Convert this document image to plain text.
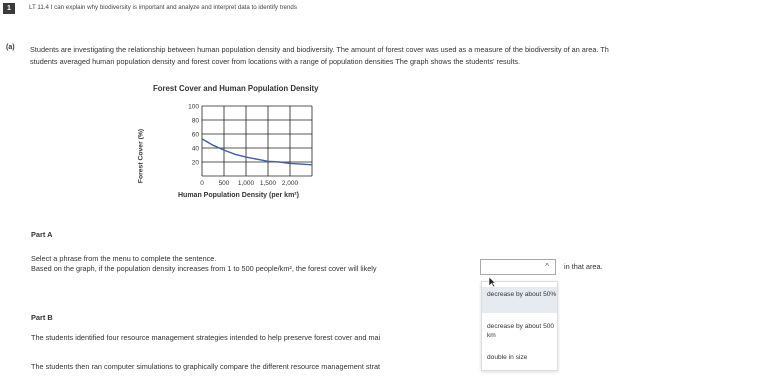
1	LT 11.4 I can explain why biodiversity is important and analyze and interpret data to identify trends
(a) Students are investigating the relationship between human population density and biodiversity. The amount of forest cover was used as a measure of the biodiversity of an area. Th
students averaged human population density and forest cover from locations with a range of population densities The graph shows the students' results.
Forest Cover and Human Population Density
Forest Cover (%)	20
40
60
80
100
0 500 1,000 1,500 2,000
Human Population Density (per km²)
Part A
Select a phrase from the menu to complete the sentence.
Based on the graph, if the population density increases from 1 to 500 people/km², the forest cover will likely	^ in that area.
decrease by about 50%
decrease by about 500 km
double in size
Part B
The students identified four resource management strategies intended to help preserve forest cover and mai
The students then ran computer simulations to graphically compare the different resource management strat
